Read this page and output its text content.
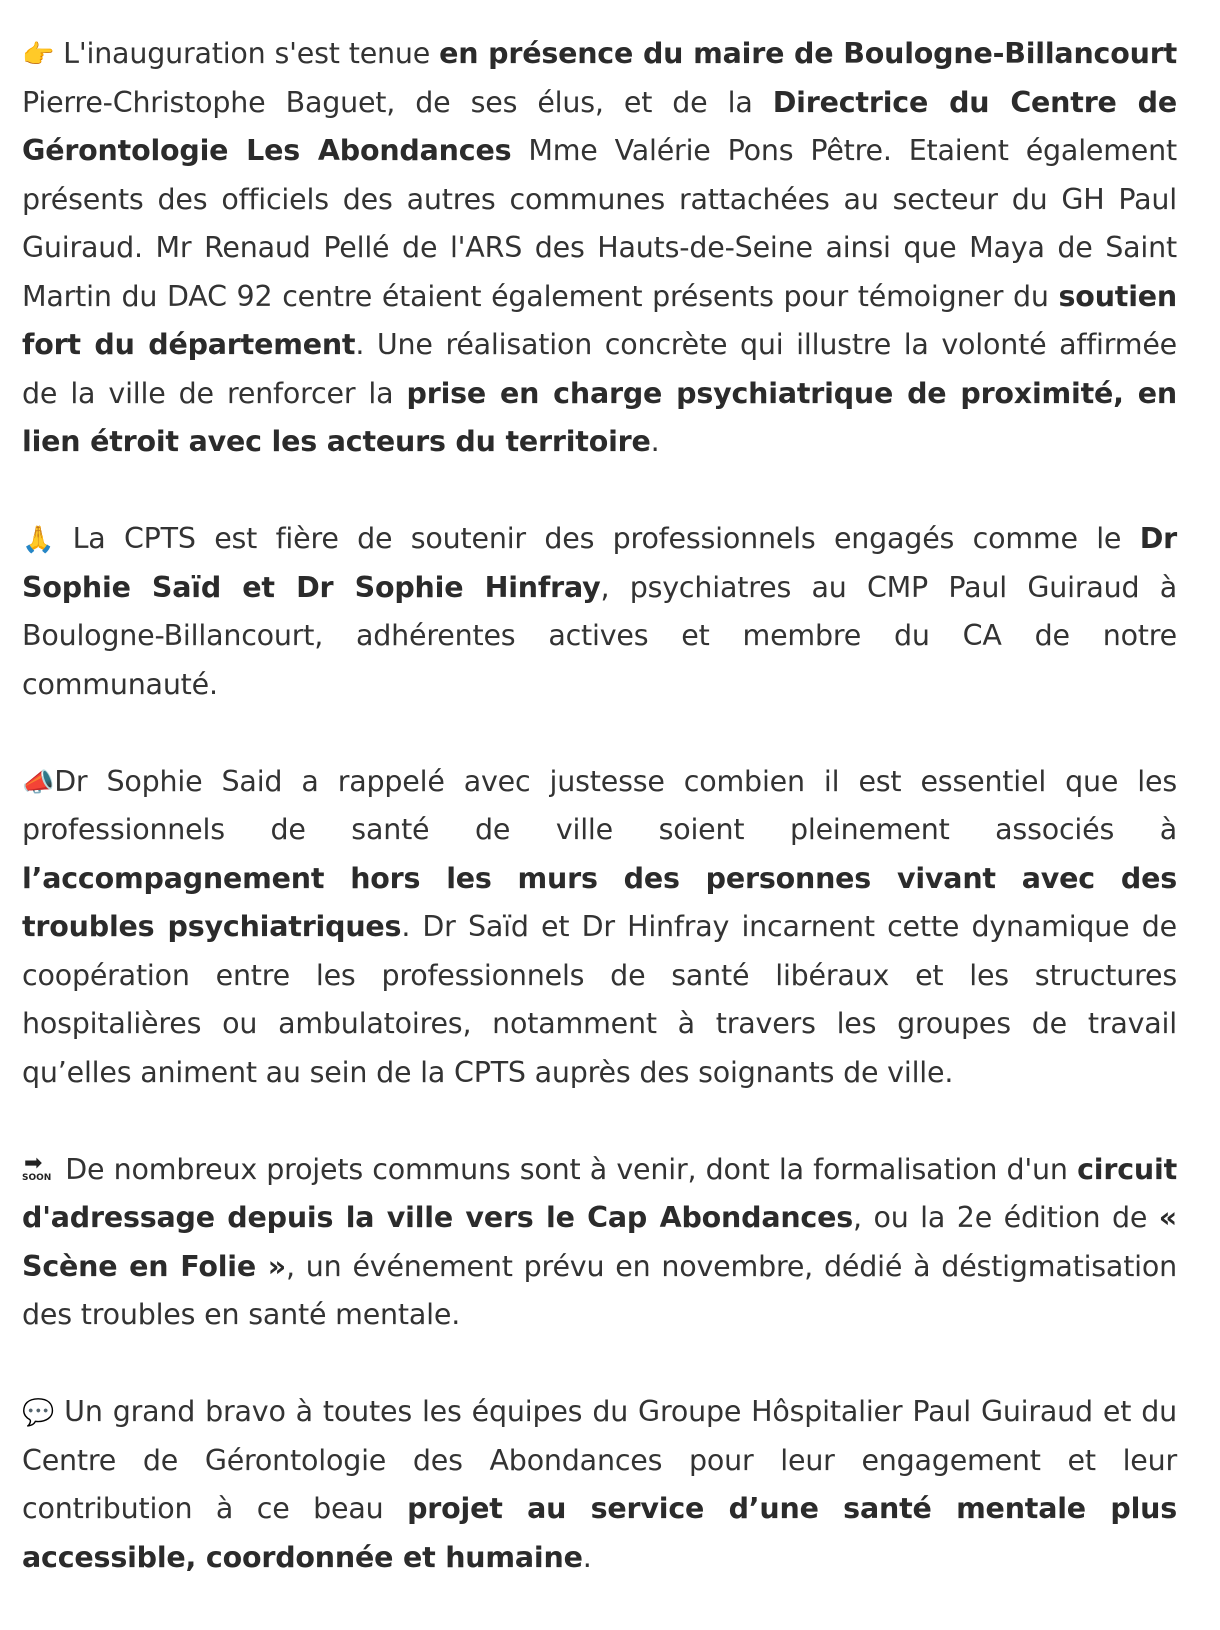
👉 L'inauguration s'est tenue en présence du maire de Boulogne-Billancourt Pierre-Christophe Baguet, de ses élus, et de la Directrice du Centre de Gérontologie Les Abondances Mme Valérie Pons Pêtre. Etaient également présents des officiels des autres communes rattachées au secteur du GH Paul Guiraud. Mr Renaud Pellé de l'ARS des Hauts-de-Seine ainsi que Maya de Saint Martin du DAC 92 centre étaient également présents pour témoigner du soutien fort du département. Une réalisation concrète qui illustre la volonté affirmée de la ville de renforcer la prise en charge psychiatrique de proximité, en lien étroit avec les acteurs du territoire.

🙏 La CPTS est fière de soutenir des professionnels engagés comme le Dr Sophie Saïd et Dr Sophie Hinfray, psychiatres au CMP Paul Guiraud à Boulogne-Billancourt, adhérentes actives et membre du CA de notre communauté.

📣Dr Sophie Said a rappelé avec justesse combien il est essentiel que les professionnels de santé de ville soient pleinement associés à l’accompagnement hors les murs des personnes vivant avec des troubles psychiatriques. Dr Saïd et Dr Hinfray incarnent cette dynamique de coopération entre les professionnels de santé libéraux et les structures hospitalières ou ambulatoires, notamment à travers les groupes de travail qu’elles animent au sein de la CPTS auprès des soignants de ville.

➡
SOON De nombreux projets communs sont à venir, dont la formalisation d'un circuit d'adressage depuis la ville vers le Cap Abondances, ou la 2e édition de « Scène en Folie », un événement prévu en novembre, dédié à déstigmatisation des troubles en santé mentale.

💬 Un grand bravo à toutes les équipes du Groupe Hôspitalier Paul Guiraud et du Centre de Gérontologie des Abondances pour leur engagement et leur contribution à ce beau projet au service d’une santé mentale plus accessible, coordonnée et humaine.
